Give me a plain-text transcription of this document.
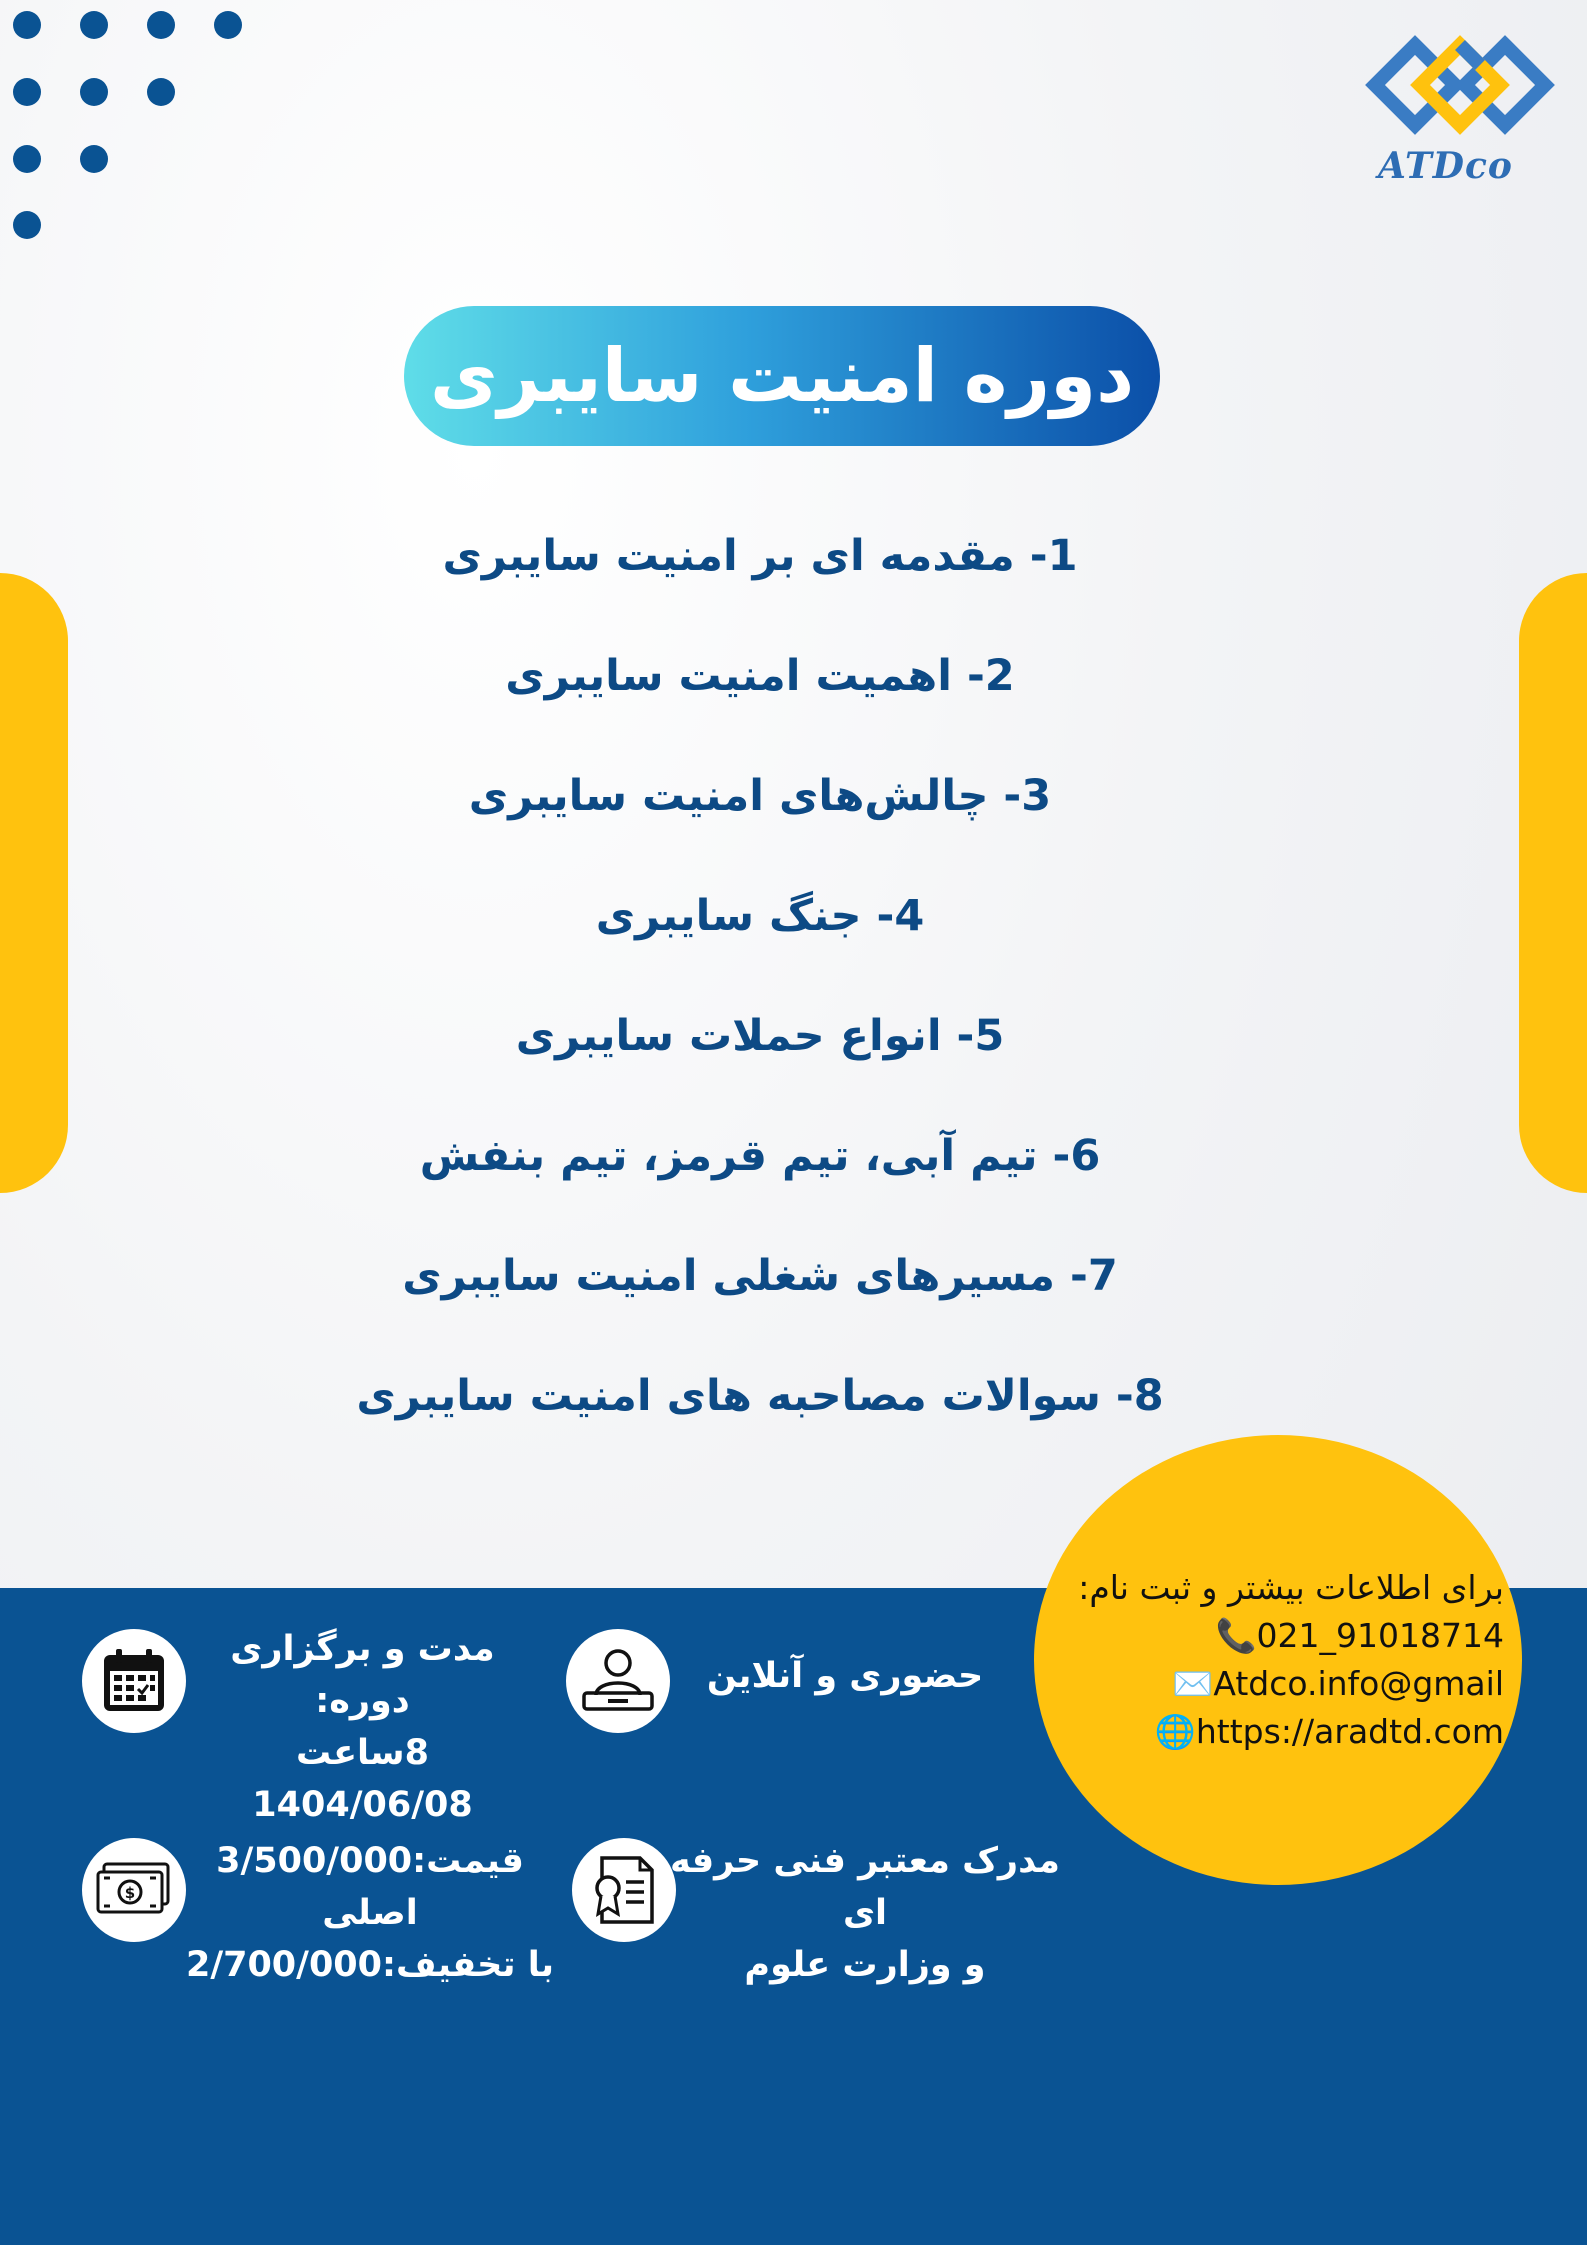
ATDco
دوره امنیت سایبری
1- مقدمه ای بر امنیت سایبری
2- اهمیت امنیت سایبری
3- چالش‌های امنیت سایبری
4- جنگ سایبری
5- انواع حملات سایبری
6- تیم آبی، تیم قرمز، تیم بنفش
7- مسیرهای شغلی امنیت سایبری
8- سوالات مصاحبه های امنیت سایبری
برای اطلاعات بیشتر و ثبت نام:
📞021_91018714
✉️Atdco.info@gmail
🌐https://aradtd.com
مدت و برگزاری دوره:
8ساعت
1404/06/08
حضوری و آنلاین
$
قیمت:3/500/000
اصلی
با تخفیف:2/700/000
مدرک معتبر فنی حرفه
ای
و وزارت علوم
